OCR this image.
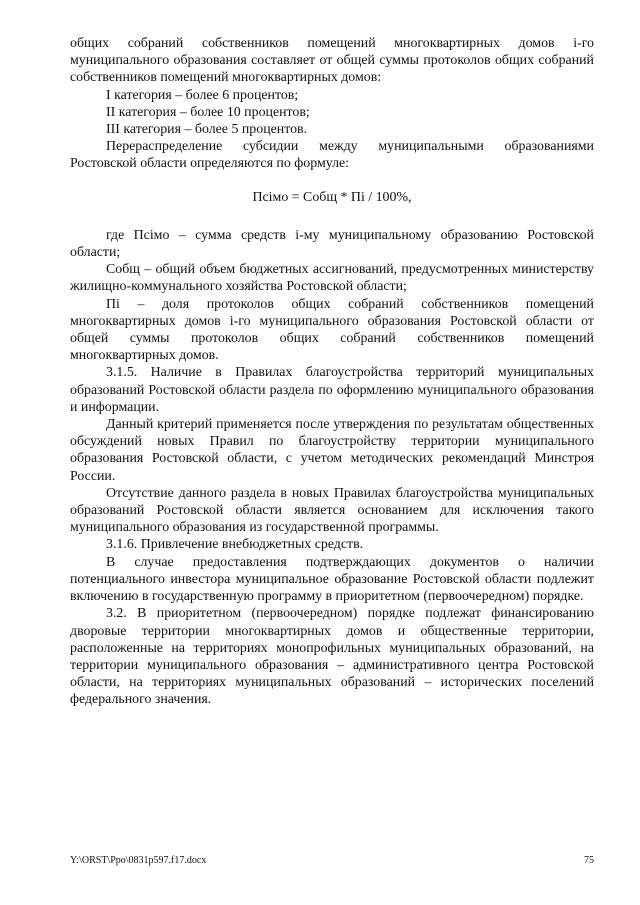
общих собраний собственников помещений многоквартирных домов i-го муниципального образования составляет от общей суммы протоколов общих собраний собственников помещений многоквартирных домов:

I категория – более 6 процентов;

II категория – более 10 процентов;

III категория – более 5 процентов.

Перераспределение субсидии между муниципальными образованиями Ростовской области определяются по формуле:

Псімо = Собщ * Пі / 100%,

где Псімо – сумма средств i-му муниципальному образованию Ростовской области;

Собщ – общий объем бюджетных ассигнований, предусмотренных министерству жилищно-коммунального хозяйства Ростовской области;

Пі – доля протоколов общих собраний собственников помещений многоквартирных домов i-го муниципального образования Ростовской области от общей суммы протоколов общих собраний собственников помещений многоквартирных домов.

3.1.5. Наличие в Правилах благоустройства территорий муниципальных образований Ростовской области раздела по оформлению муниципального образования и информации.

Данный критерий применяется после утверждения по результатам общественных обсуждений новых Правил по благоустройству территории муниципального образования Ростовской области, с учетом методических рекомендаций Минстроя России.

Отсутствие данного раздела в новых Правилах благоустройства муниципальных образований Ростовской области является основанием для исключения такого муниципального образования из государственной программы.

3.1.6. Привлечение внебюджетных средств.

В случае предоставления подтверждающих документов о наличии потенциального инвестора муниципальное образование Ростовской области подлежит включению в государственную программу в приоритетном (первоочередном) порядке.

3.2. В приоритетном (первоочередном) порядке подлежат финансированию дворовые территории многоквартирных домов и общественные территории, расположенные на территориях монопрофильных муниципальных образований, на территории муниципального образования – административного центра Ростовской области, на территориях муниципальных образований – исторических поселений федерального значения.

Y:\ORST\Ppo\0831p597.f17.docx	75
